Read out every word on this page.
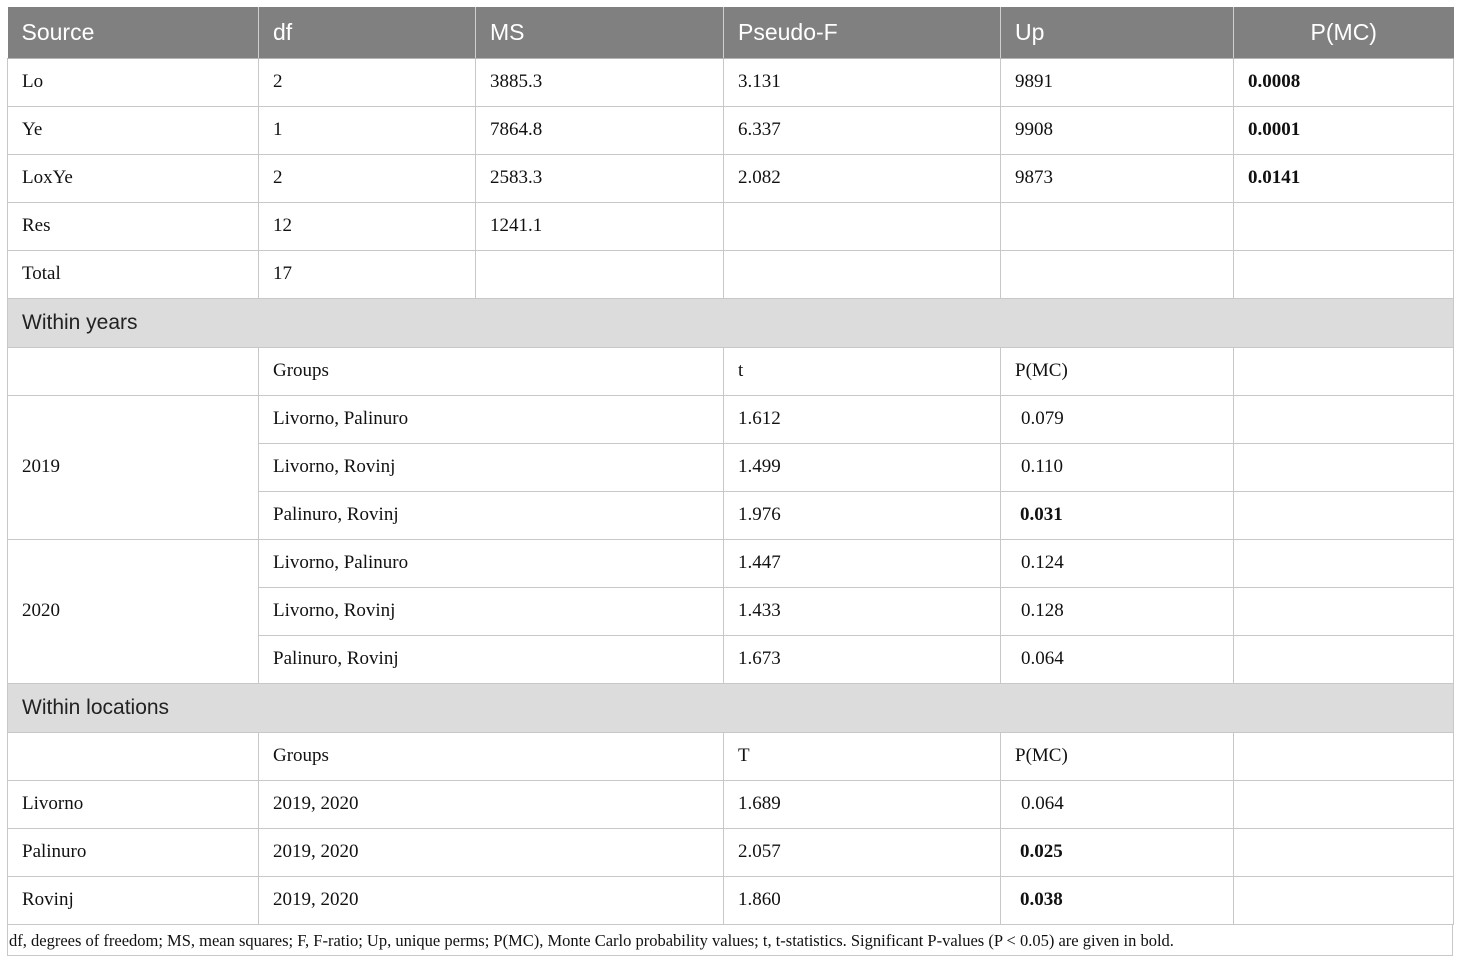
Source	df	MS	Pseudo-F	Up	P(MC)
Lo	2	3885.3	3.131	9891	0.0008
Ye	1	7864.8	6.337	9908	0.0001
LoxYe	2	2583.3	2.082	9873	0.0141
Res	12	1241.1			
Total	17				
Within years					
	Groups		t	P(MC)	
2019	Livorno, Palinuro		1.612	0.079	
	Livorno, Rovinj		1.499	0.110	
	Palinuro, Rovinj		1.976	0.031	
2020	Livorno, Palinuro		1.447	0.124	
	Livorno, Rovinj		1.433	0.128	
	Palinuro, Rovinj		1.673	0.064	
Within locations					
	Groups		T	P(MC)	
Livorno	2019, 2020		1.689	0.064	
Palinuro	2019, 2020		2.057	0.025	
Rovinj	2019, 2020		1.860	0.038	
df, degrees of freedom; MS, mean squares; F, F-ratio; Up, unique perms; P(MC), Monte Carlo probability values; t, t-statistics. Significant P-values (P < 0.05) are given in bold.
